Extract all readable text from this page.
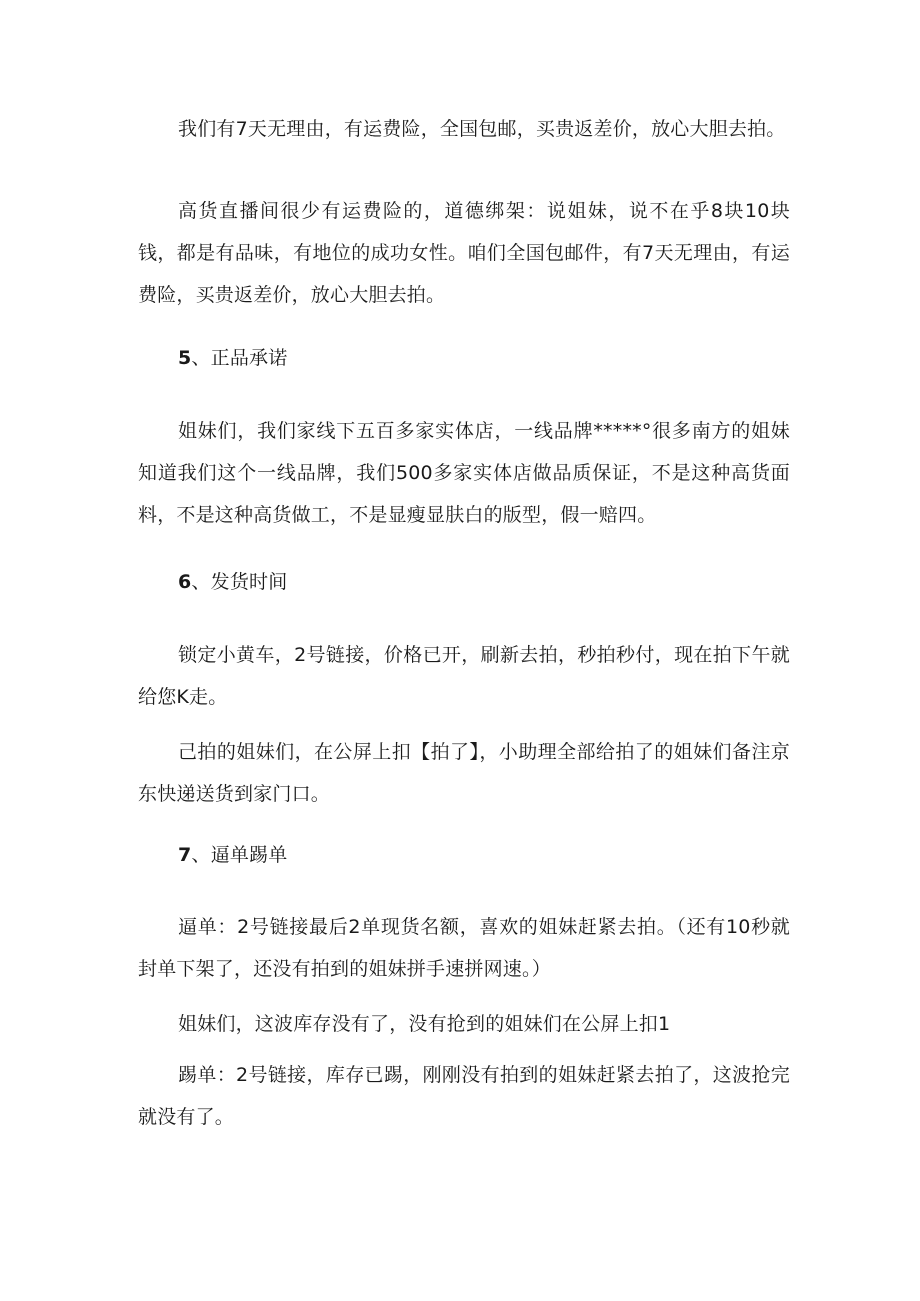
我们有7天无理由，有运费险，全国包邮，买贵返差价，放心大胆去拍。

高货直播间很少有运费险的，道德绑架：说姐妹，说不在乎8块10块钱，都是有品味，有地位的成功女性。咱们全国包邮件，有7天无理由，有运费险，买贵返差价，放心大胆去拍。

5、正品承诺

姐妹们，我们家线下五百多家实体店，一线品牌*****°很多南方的姐妹知道我们这个一线品牌，我们500多家实体店做品质保证，不是这种高货面料，不是这种高货做工，不是显瘦显肤白的版型，假一赔四。

6、发货时间

锁定小黄车，2号链接，价格已开，刷新去拍，秒拍秒付，现在拍下午就给您K走。

己拍的姐妹们，在公屏上扣【拍了】，小助理全部给拍了的姐妹们备注京东快递送货到家门口。

7、逼单踢单

逼单：2号链接最后2单现货名额，喜欢的姐妹赶紧去拍。（还有10秒就封单下架了，还没有拍到的姐妹拼手速拼网速。）

姐妹们，这波库存没有了，没有抢到的姐妹们在公屏上扣1

踢单：2号链接，库存已踢，刚刚没有拍到的姐妹赶紧去拍了，这波抢完就没有了。
